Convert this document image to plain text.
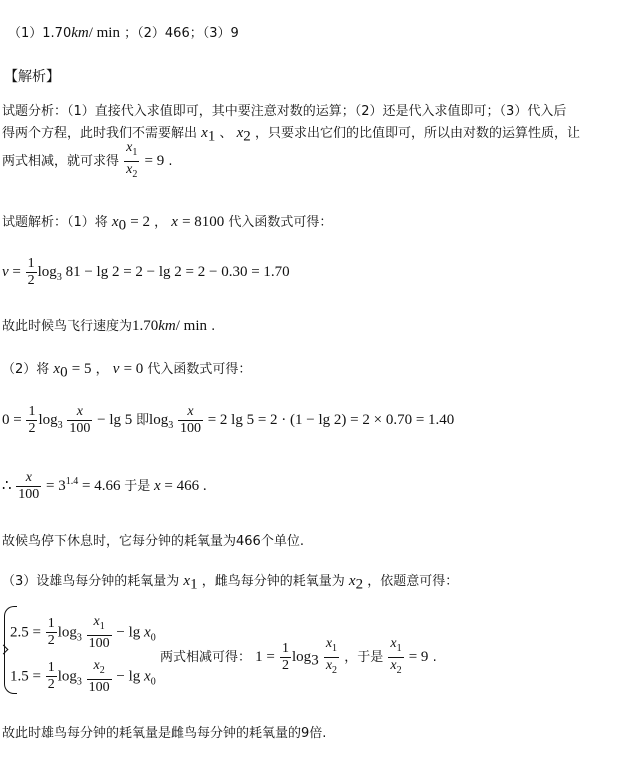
（1）1.70km/ min ；（2）466；（3）9
【解析】
试题分析：（1）直接代入求值即可，其中要注意对数的运算；（2）还是代入求值即可；（3）代入后
得两个方程，此时我们不需要解出 $x_1$ 、 $x_2$ ，只要求出它们的比值即可，所以由对数的运算性质，让
两式相减，就可求得 $\frac{x_1}{x_2} = 9$ .
试题解析：（1）将 $x_0 = 2$ ， x = 8100 代入函数式可得：
$v = \frac{1}{2} \log_3 81 - \lg 2 = 2 - \lg 2 = 2 - 0.30 = 1.70$
故此时候鸟飞行速度为1.70km/ min .
（2）将 $x_0 = 5$ ， v = 0 代入函数式可得：
$0 = \frac{1}{2} \log_3 \frac{x}{100} - \lg 5$ 即$\log_3 \frac{x}{100} = 2$ lg 5 = 2 · (1 − lg 2) = 2 × 0.70 = 1.40
∴ $\frac{x}{100} = 3^{1.4} = 4.66$ 于是 x = 466 .
故候鸟停下休息时，它每分钟的耗氧量为466个单位.
（3）设雄鸟每分钟的耗氧量为 $x_1$ ，雌鸟每分钟的耗氧量为 $x_2$ ，依题意可得：
$2.5 = \frac{1}{2} \log_3 \frac{x_1}{100} - \lg x_0$
$1.5 = \frac{1}{2} \log_3 \frac{x_2}{100} - \lg x_0$
两式相减可得： $1 = \frac{1}{2} \log_3 \frac{x_1}{x_2}$ ，于是 $\frac{x_1}{x_2} = 9$ .
故此时雄鸟每分钟的耗氧量是雌鸟每分钟的耗氧量的9倍.
